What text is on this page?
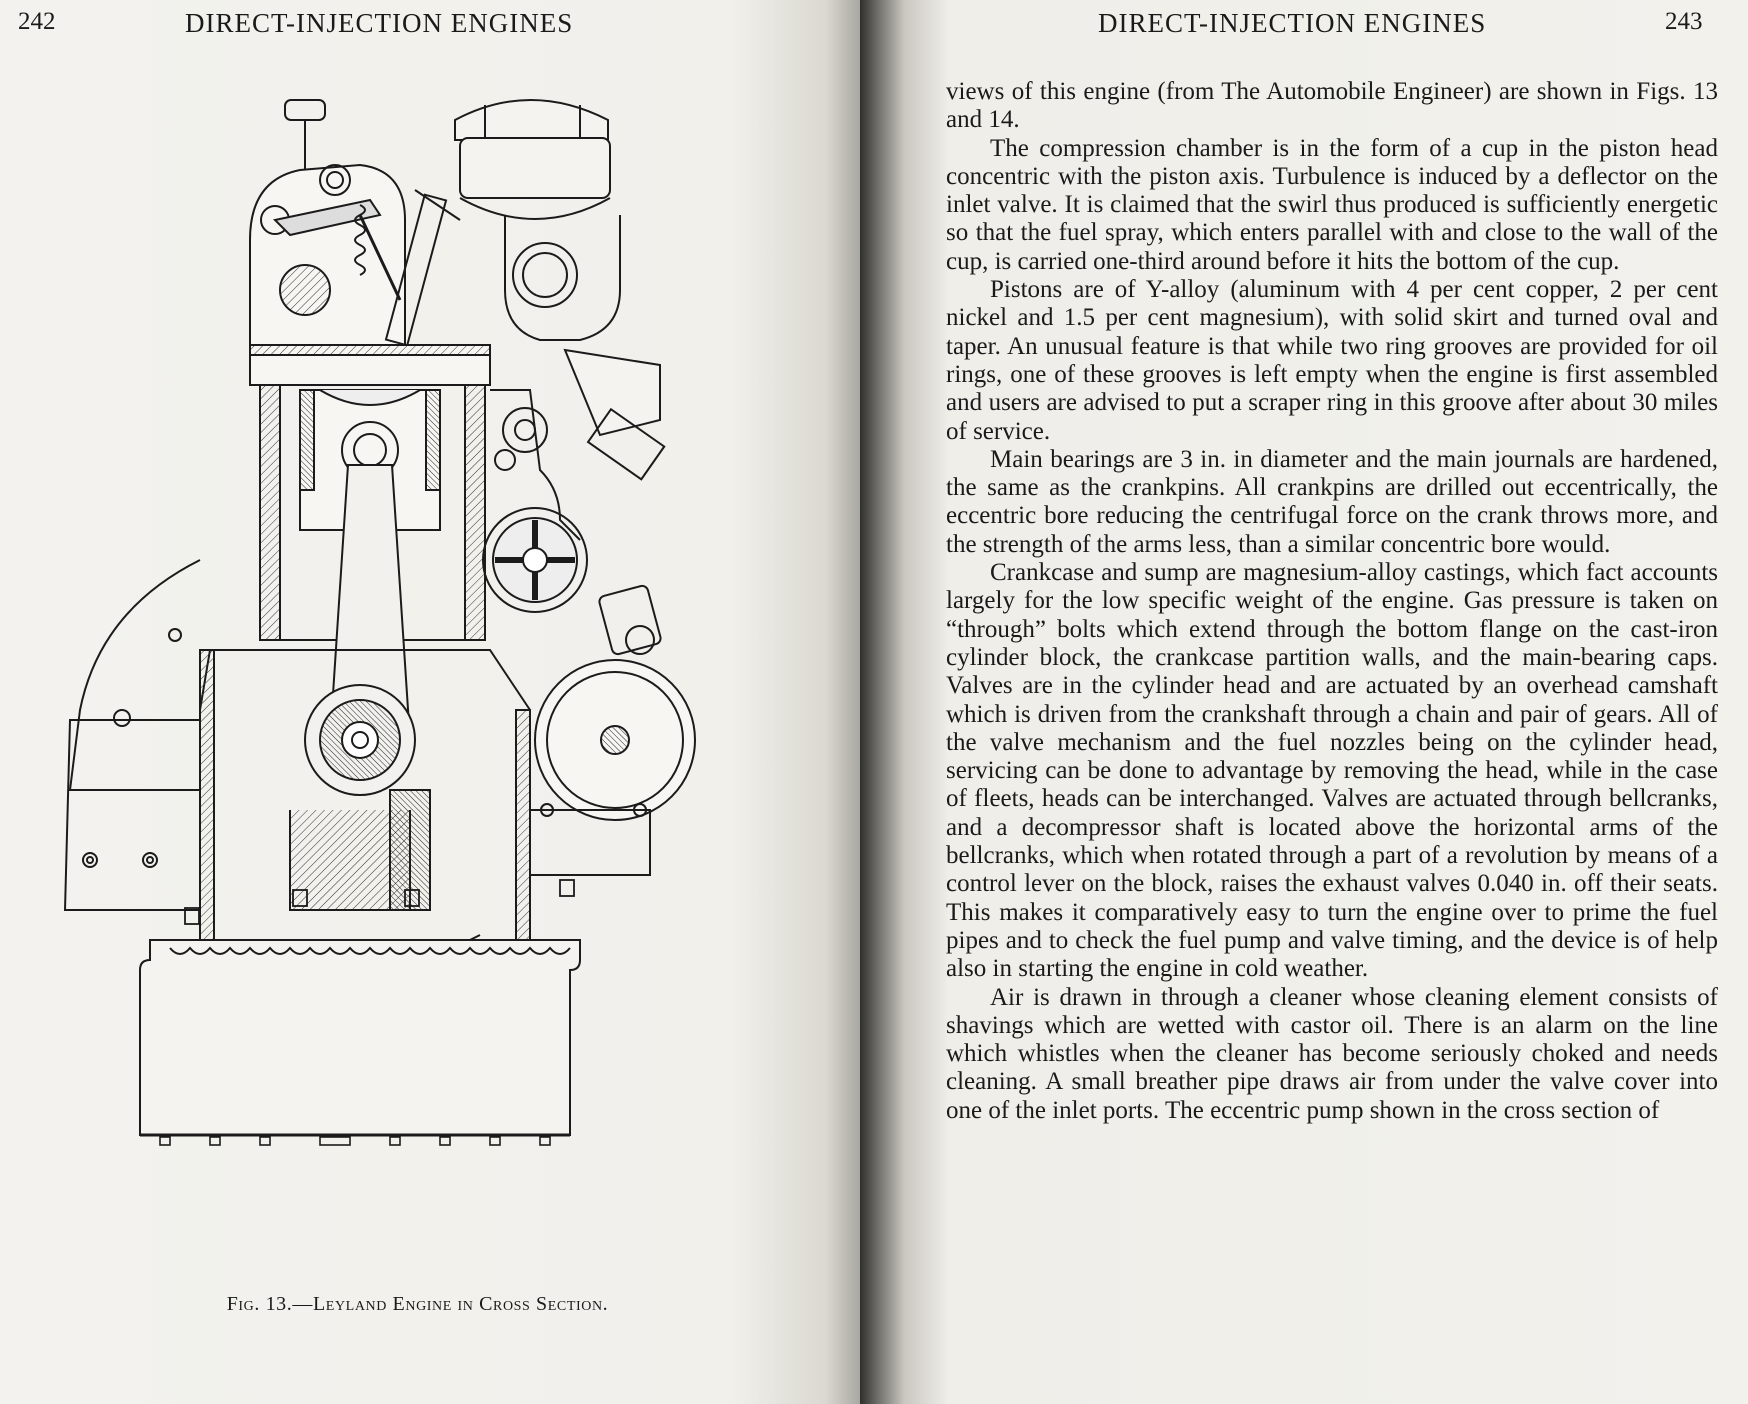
242	DIRECT-INJECTION ENGINES
Fig. 13.—Leyland Engine in Cross Section.
DIRECT-INJECTION ENGINES	243

views of this engine (from The Automobile Engineer) are shown in Figs. 13 and 14.

The compression chamber is in the form of a cup in the piston head concentric with the piston axis. Turbulence is induced by a deflector on the inlet valve. It is claimed that the swirl thus produced is sufficiently energetic so that the fuel spray, which enters parallel with and close to the wall of the cup, is carried one-third around before it hits the bottom of the cup.

Pistons are of Y-alloy (aluminum with 4 per cent copper, 2 per cent nickel and 1.5 per cent magnesium), with solid skirt and turned oval and taper. An unusual feature is that while two ring grooves are provided for oil rings, one of these grooves is left empty when the engine is first assembled and users are advised to put a scraper ring in this groove after about 30 miles of service.

Main bearings are 3 in. in diameter and the main journals are hardened, the same as the crankpins. All crankpins are drilled out eccentrically, the eccentric bore reducing the centrifugal force on the crank throws more, and the strength of the arms less, than a similar concentric bore would.

Crankcase and sump are magnesium-alloy castings, which fact accounts largely for the low specific weight of the engine. Gas pressure is taken on “through” bolts which extend through the bottom flange on the cast-iron cylinder block, the crankcase partition walls, and the main-bearing caps. Valves are in the cylinder head and are actuated by an overhead camshaft which is driven from the crankshaft through a chain and pair of gears. All of the valve mechanism and the fuel nozzles being on the cylinder head, servicing can be done to advantage by removing the head, while in the case of fleets, heads can be interchanged. Valves are actuated through bellcranks, and a decompressor shaft is located above the horizontal arms of the bellcranks, which when rotated through a part of a revolution by means of a control lever on the block, raises the exhaust valves 0.040 in. off their seats. This makes it comparatively easy to turn the engine over to prime the fuel pipes and to check the fuel pump and valve timing, and the device is of help also in starting the engine in cold weather.

Air is drawn in through a cleaner whose cleaning element consists of shavings which are wetted with castor oil. There is an alarm on the line which whistles when the cleaner has become seriously choked and needs cleaning. A small breather pipe draws air from under the valve cover into one of the inlet ports. The eccentric pump shown in the cross section of
